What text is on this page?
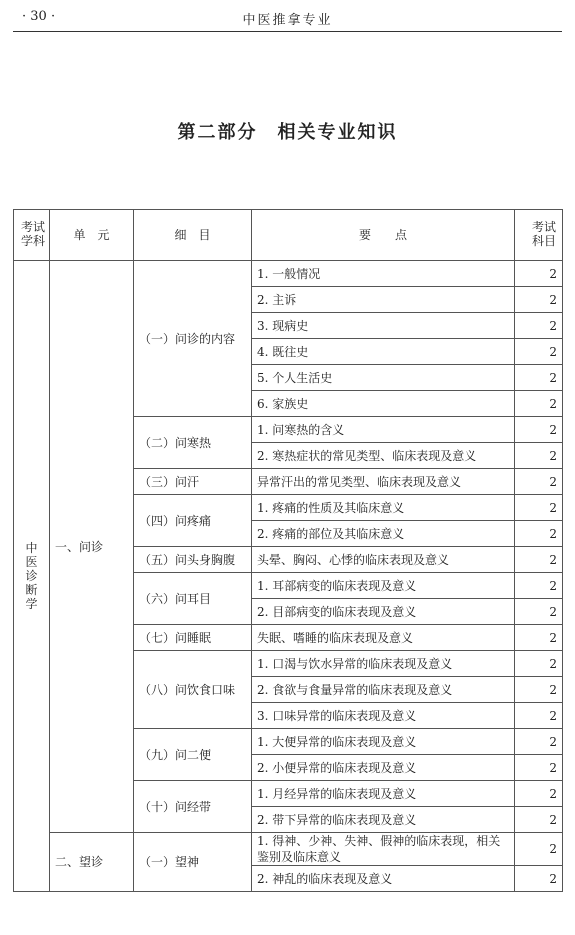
· 30 ·	中医推拿专业
第二部分　相关专业知识
考试学科	单　元	细　目	要　　点	考试科目
中医诊断学	一、问诊	（一）问诊的内容	1. 一般情况	2
			2. 主诉	2
			3. 现病史	2
			4. 既往史	2
			5. 个人生活史	2
			6. 家族史	2
		（二）问寒热	1. 问寒热的含义	2
			2. 寒热症状的常见类型、临床表现及意义	2
		（三）问汗	异常汗出的常见类型、临床表现及意义	2
		（四）问疼痛	1. 疼痛的性质及其临床意义	2
			2. 疼痛的部位及其临床意义	2
		（五）问头身胸腹	头晕、胸闷、心悸的临床表现及意义	2
		（六）问耳目	1. 耳部病变的临床表现及意义	2
			2. 目部病变的临床表现及意义	2
		（七）问睡眠	失眠、嗜睡的临床表现及意义	2
		（八）问饮食口味	1. 口渴与饮水异常的临床表现及意义	2
			2. 食欲与食量异常的临床表现及意义	2
			3. 口味异常的临床表现及意义	2
		（九）问二便	1. 大便异常的临床表现及意义	2
			2. 小便异常的临床表现及意义	2
		（十）问经带	1. 月经异常的临床表现及意义	2
			2. 带下异常的临床表现及意义	2
	二、望诊	（一）望神	1. 得神、少神、失神、假神的临床表现，相关鉴别及临床意义	2
			2. 神乱的临床表现及意义	2
